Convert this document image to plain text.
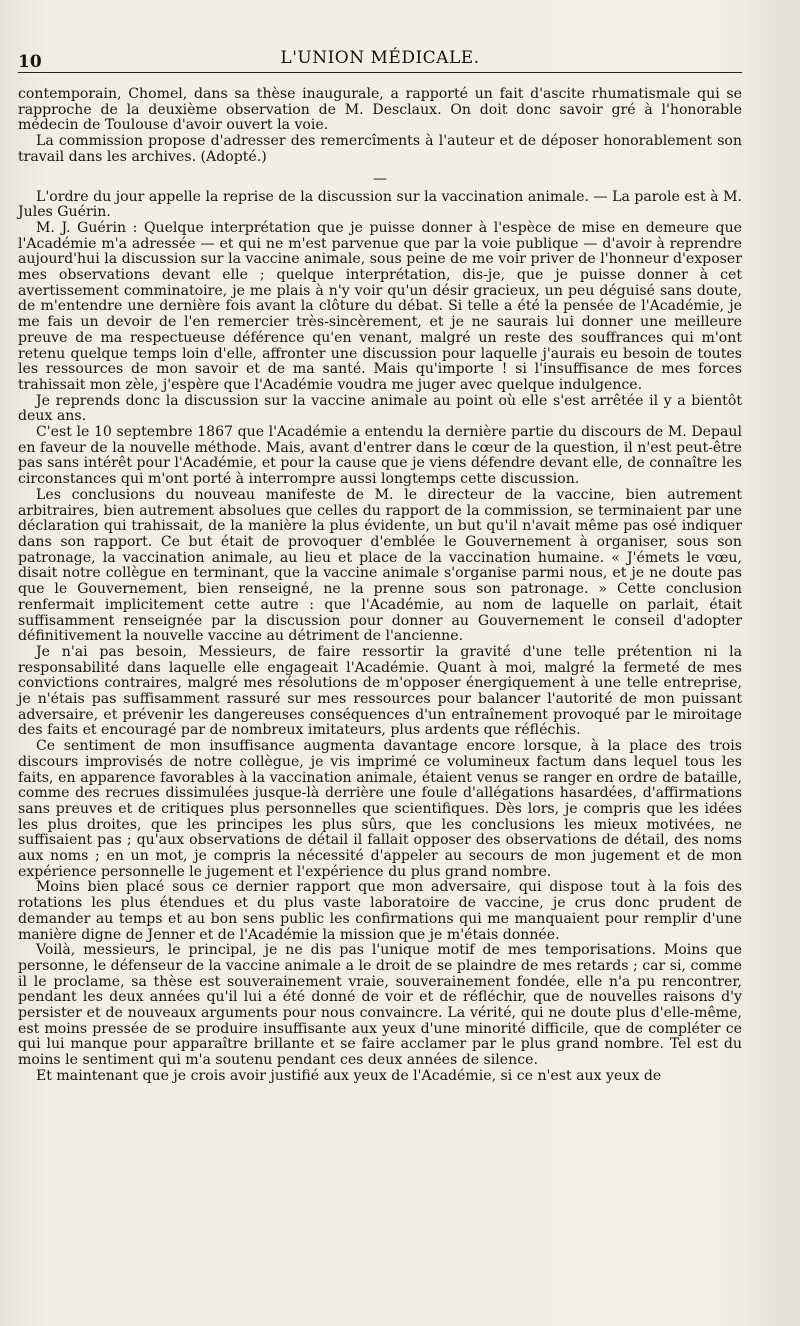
10	L'UNION MÉDICALE.

contemporain, Chomel, dans sa thèse inaugurale, a rapporté un fait d'ascite rhumatismale qui se rapproche de la deuxième observation de M. Desclaux. On doit donc savoir gré à l'honorable médecin de Toulouse d'avoir ouvert la voie.

La commission propose d'adresser des remercîments à l'auteur et de déposer honorablement son travail dans les archives. (Adopté.)

—

L'ordre du jour appelle la reprise de la discussion sur la vaccination animale. — La parole est à M. Jules Guérin.

M. J. Guérin : Quelque interprétation que je puisse donner à l'espèce de mise en demeure que l'Académie m'a adressée — et qui ne m'est parvenue que par la voie publique — d'avoir à reprendre aujourd'hui la discussion sur la vaccine animale, sous peine de me voir priver de l'honneur d'exposer mes observations devant elle ; quelque interprétation, dis-je, que je puisse donner à cet avertissement comminatoire, je me plais à n'y voir qu'un désir gracieux, un peu déguisé sans doute, de m'entendre une dernière fois avant la clôture du débat. Si telle a été la pensée de l'Académie, je me fais un devoir de l'en remercier très-sincèrement, et je ne saurais lui donner une meilleure preuve de ma respectueuse déférence qu'en venant, malgré un reste des souffrances qui m'ont retenu quelque temps loin d'elle, affronter une discussion pour laquelle j'aurais eu besoin de toutes les ressources de mon savoir et de ma santé. Mais qu'importe ! si l'insuffisance de mes forces trahissait mon zèle, j'espère que l'Académie voudra me juger avec quelque indulgence.

Je reprends donc la discussion sur la vaccine animale au point où elle s'est arrêtée il y a bientôt deux ans.

C'est le 10 septembre 1867 que l'Académie a entendu la dernière partie du discours de M. Depaul en faveur de la nouvelle méthode. Mais, avant d'entrer dans le cœur de la question, il n'est peut-être pas sans intérêt pour l'Académie, et pour la cause que je viens défendre devant elle, de connaître les circonstances qui m'ont porté à interrompre aussi longtemps cette discussion.

Les conclusions du nouveau manifeste de M. le directeur de la vaccine, bien autrement arbitraires, bien autrement absolues que celles du rapport de la commission, se terminaient par une déclaration qui trahissait, de la manière la plus évidente, un but qu'il n'avait même pas osé indiquer dans son rapport. Ce but était de provoquer d'emblée le Gouvernement à organiser, sous son patronage, la vaccination animale, au lieu et place de la vaccination humaine. « J'émets le vœu, disait notre collègue en terminant, que la vaccine animale s'organise parmi nous, et je ne doute pas que le Gouvernement, bien renseigné, ne la prenne sous son patronage. » Cette conclusion renfermait implicitement cette autre : que l'Académie, au nom de laquelle on parlait, était suffisamment renseignée par la discussion pour donner au Gouvernement le conseil d'adopter définitivement la nouvelle vaccine au détriment de l'ancienne.

Je n'ai pas besoin, Messieurs, de faire ressortir la gravité d'une telle prétention ni la responsabilité dans laquelle elle engageait l'Académie. Quant à moi, malgré la fermeté de mes convictions contraires, malgré mes résolutions de m'opposer énergiquement à une telle entreprise, je n'étais pas suffisamment rassuré sur mes ressources pour balancer l'autorité de mon puissant adversaire, et prévenir les dangereuses conséquences d'un entraînement provoqué par le miroitage des faits et encouragé par de nombreux imitateurs, plus ardents que réfléchis.

Ce sentiment de mon insuffisance augmenta davantage encore lorsque, à la place des trois discours improvisés de notre collègue, je vis imprimé ce volumineux factum dans lequel tous les faits, en apparence favorables à la vaccination animale, étaient venus se ranger en ordre de bataille, comme des recrues dissimulées jusque-là derrière une foule d'allégations hasardées, d'affirmations sans preuves et de critiques plus personnelles que scientifiques. Dès lors, je compris que les idées les plus droites, que les principes les plus sûrs, que les conclusions les mieux motivées, ne suffisaient pas ; qu'aux observations de détail il fallait opposer des observations de détail, des noms aux noms ; en un mot, je compris la nécessité d'appeler au secours de mon jugement et de mon expérience personnelle le jugement et l'expérience du plus grand nombre.

Moins bien placé sous ce dernier rapport que mon adversaire, qui dispose tout à la fois des rotations les plus étendues et du plus vaste laboratoire de vaccine, je crus donc prudent de demander au temps et au bon sens public les confirmations qui me manquaient pour remplir d'une manière digne de Jenner et de l'Académie la mission que je m'étais donnée.

Voilà, messieurs, le principal, je ne dis pas l'unique motif de mes temporisations. Moins que personne, le défenseur de la vaccine animale a le droit de se plaindre de mes retards ; car si, comme il le proclame, sa thèse est souverainement vraie, souverainement fondée, elle n'a pu rencontrer, pendant les deux années qu'il lui a été donné de voir et de réfléchir, que de nouvelles raisons d'y persister et de nouveaux arguments pour nous convaincre. La vérité, qui ne doute plus d'elle-même, est moins pressée de se produire insuffisante aux yeux d'une minorité difficile, que de compléter ce qui lui manque pour apparaître brillante et se faire acclamer par le plus grand nombre. Tel est du moins le sentiment qui m'a soutenu pendant ces deux années de silence.

Et maintenant que je crois avoir justifié aux yeux de l'Académie, si ce n'est aux yeux de
